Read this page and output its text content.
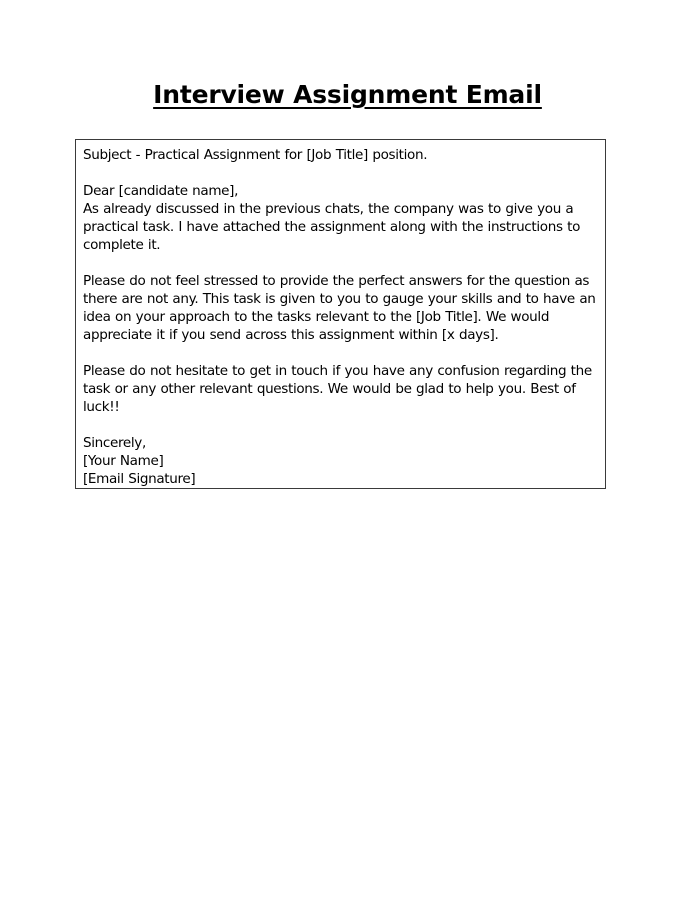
Interview Assignment Email
Subject - Practical Assignment for [Job Title] position.
Dear [candidate name],
As already discussed in the previous chats, the company was to give you a
practical task. I have attached the assignment along with the instructions to
complete it.
Please do not feel stressed to provide the perfect answers for the question as
there are not any. This task is given to you to gauge your skills and to have an
idea on your approach to the tasks relevant to the [Job Title]. We would
appreciate it if you send across this assignment within [x days].
Please do not hesitate to get in touch if you have any confusion regarding the
task or any other relevant questions. We would be glad to help you. Best of
luck!!
Sincerely,
[Your Name]
[Email Signature]
